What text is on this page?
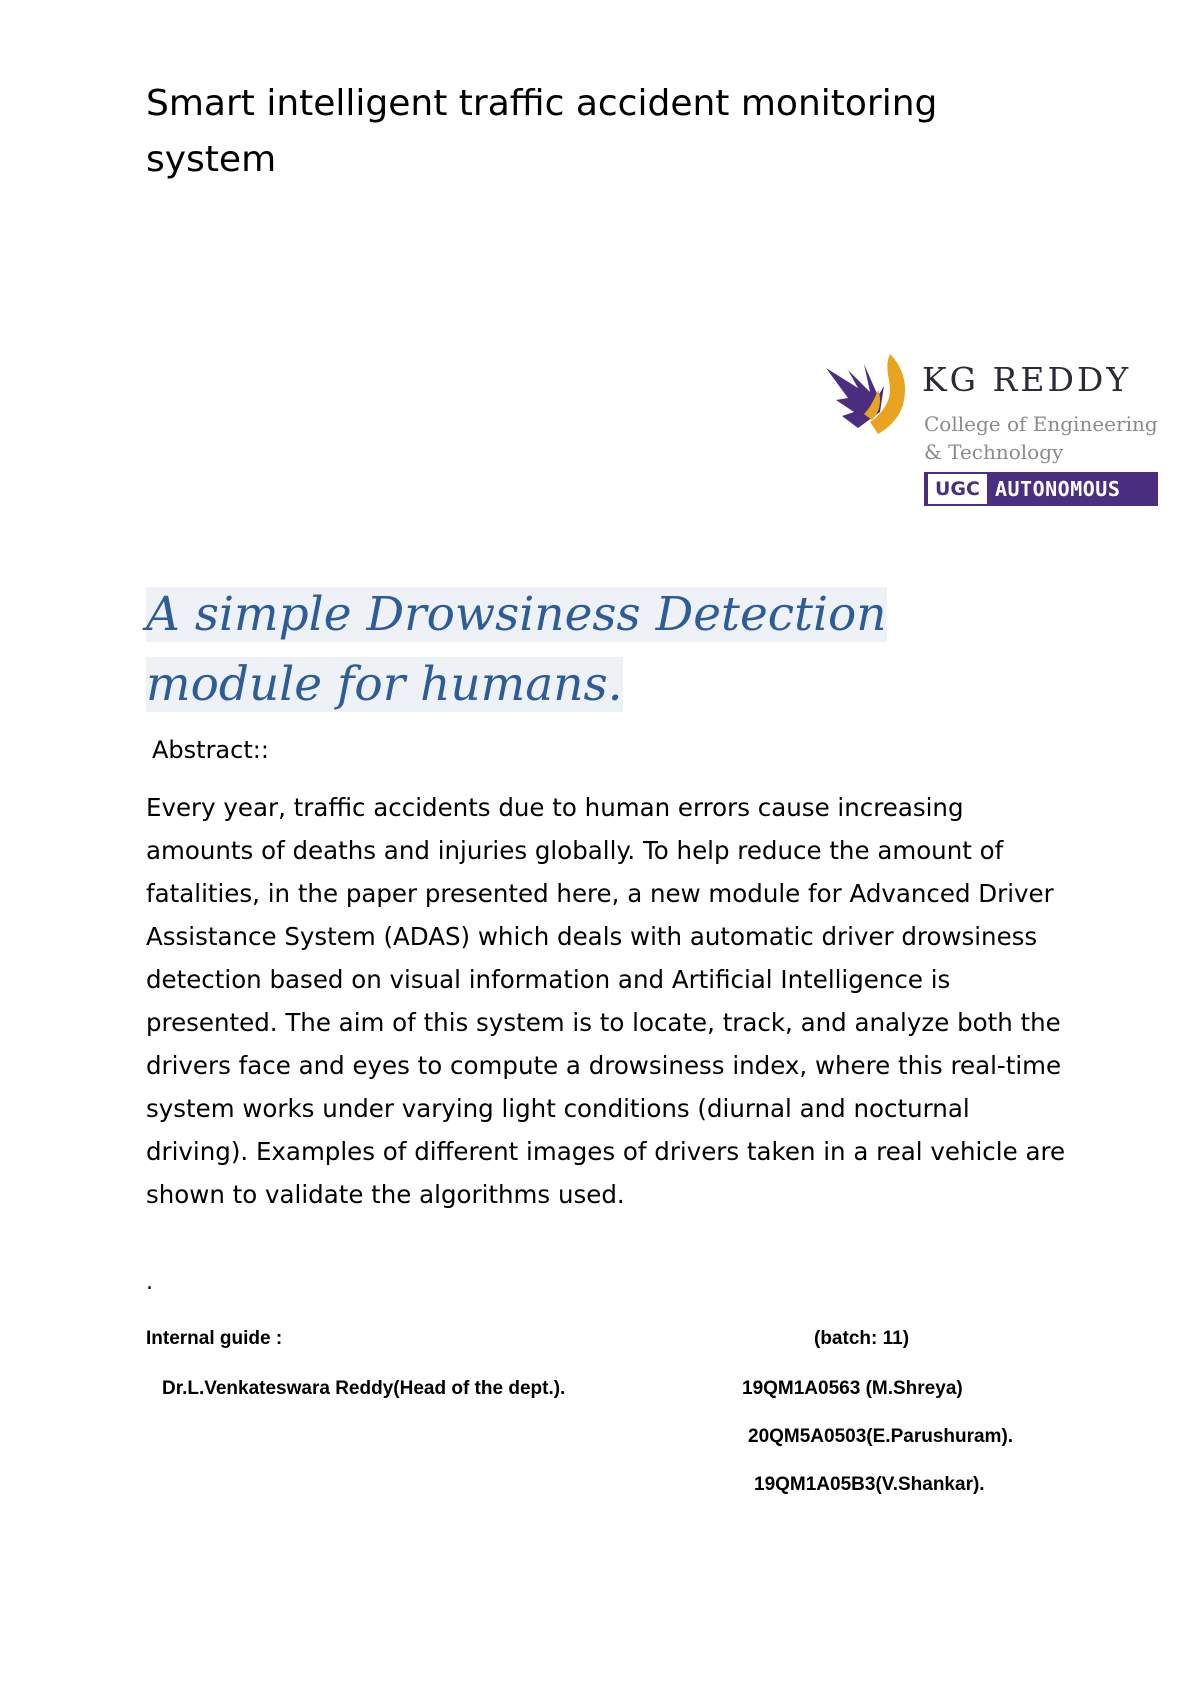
Smart intelligent traffic accident monitoring system
KG REDDY
College of Engineering
& Technology
UGC AUTONOMOUS
A simple Drowsiness Detection module for humans.
Abstract::

Every year, traffic accidents due to human errors cause increasing amounts of deaths and injuries globally. To help reduce the amount of fatalities, in the paper presented here, a new module for Advanced Driver Assistance System (ADAS) which deals with automatic driver drowsiness detection based on visual information and Artificial Intelligence is presented. The aim of this system is to locate, track, and analyze both the drivers face and eyes to compute a drowsiness index, where this real-time system works under varying light conditions (diurnal and nocturnal driving). Examples of different images of drivers taken in a real vehicle are shown to validate the algorithms used.

.
Internal guide :	(batch: 11)
Dr.L.Venkateswara Reddy(Head of the dept.).	19QM1A0563 (M.Shreya)
20QM5A0503(E.Parushuram).
19QM1A05B3(V.Shankar).
